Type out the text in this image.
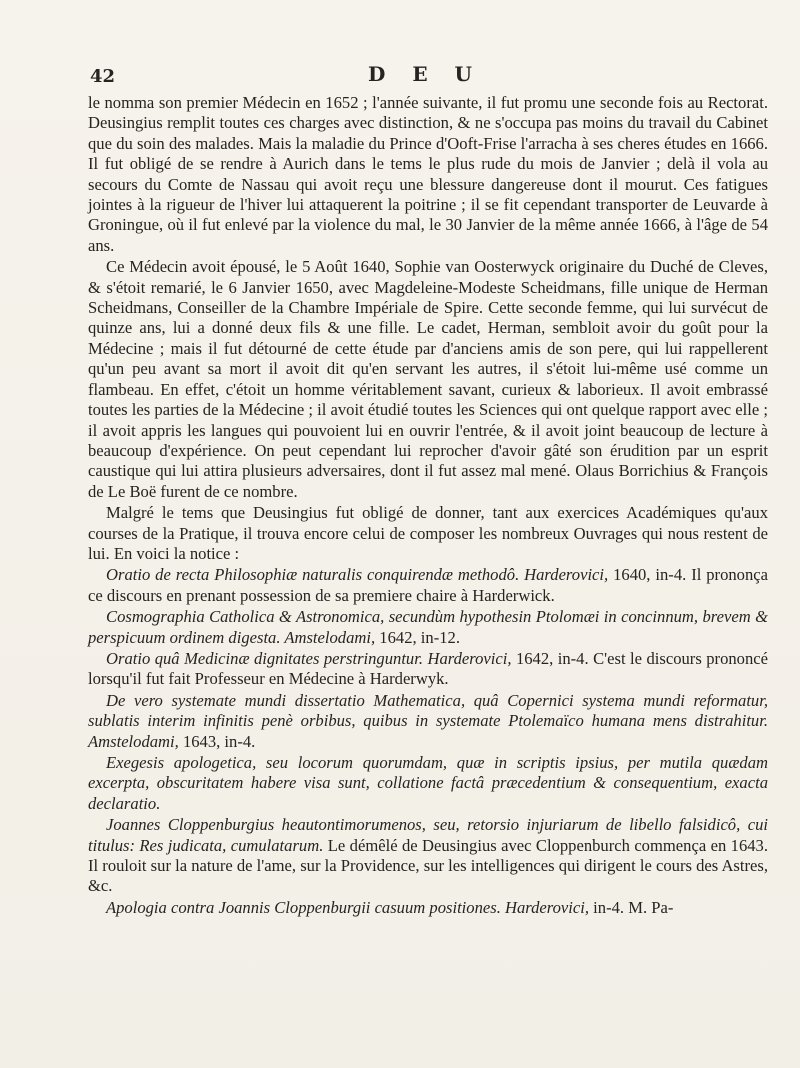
42	D E U

le nomma son premier Médecin en 1652 ; l'année suivante, il fut promu une seconde fois au Rectorat. Deusingius remplit toutes ces charges avec distinction, & ne s'occupa pas moins du travail du Cabinet que du soin des malades. Mais la maladie du Prince d'Ooft-Frise l'arracha à ses cheres études en 1666. Il fut obligé de se rendre à Aurich dans le tems le plus rude du mois de Janvier ; delà il vola au secours du Comte de Nassau qui avoit reçu une blessure dangereuse dont il mourut. Ces fatigues jointes à la rigueur de l'hiver lui attaquerent la poitrine ; il se fit cependant transporter de Leuvarde à Groningue, où il fut enlevé par la violence du mal, le 30 Janvier de la même année 1666, à l'âge de 54 ans.

Ce Médecin avoit épousé, le 5 Août 1640, Sophie van Oosterwyck originaire du Duché de Cleves, & s'étoit remarié, le 6 Janvier 1650, avec Magdeleine-Modeste Scheidmans, fille unique de Herman Scheidmans, Conseiller de la Chambre Impériale de Spire. Cette seconde femme, qui lui survécut de quinze ans, lui a donné deux fils & une fille. Le cadet, Herman, sembloit avoir du goût pour la Médecine ; mais il fut détourné de cette étude par d'anciens amis de son pere, qui lui rappellerent qu'un peu avant sa mort il avoit dit qu'en servant les autres, il s'étoit lui-même usé comme un flambeau. En effet, c'étoit un homme véritablement savant, curieux & laborieux. Il avoit embrassé toutes les parties de la Médecine ; il avoit étudié toutes les Sciences qui ont quelque rapport avec elle ; il avoit appris les langues qui pouvoient lui en ouvrir l'entrée, & il avoit joint beaucoup de lecture à beaucoup d'expérience. On peut cependant lui reprocher d'avoir gâté son érudition par un esprit caustique qui lui attira plusieurs adversaires, dont il fut assez mal mené. Olaus Borrichius & François de Le Boë furent de ce nombre.

Malgré le tems que Deusingius fut obligé de donner, tant aux exercices Académiques qu'aux courses de la Pratique, il trouva encore celui de composer les nombreux Ouvrages qui nous restent de lui. En voici la notice :

Oratio de recta Philosophiæ naturalis conquirendæ methodô. Harderovici, 1640, in-4. Il prononça ce discours en prenant possession de sa premiere chaire à Harderwick.

Cosmographia Catholica & Astronomica, secundùm hypothesin Ptolomæi in concinnum, brevem & perspicuum ordinem digesta. Amstelodami, 1642, in-12.

Oratio quâ Medicinæ dignitates perstringuntur. Harderovici, 1642, in-4. C'est le discours prononcé lorsqu'il fut fait Professeur en Médecine à Harderwyk.

De vero systemate mundi dissertatio Mathematica, quâ Copernici systema mundi reformatur, sublatis interim infinitis penè orbibus, quibus in systemate Ptolemaïco humana mens distrahitur. Amstelodami, 1643, in-4.

Exegesis apologetica, seu locorum quorumdam, quæ in scriptis ipsius, per mutila quædam excerpta, obscuritatem habere visa sunt, collatione factâ præcedentium & consequentium, exacta declaratio.

Joannes Cloppenburgius heautontimorumenos, seu, retorsio injuriarum de libello falsidicô, cui titulus: Res judicata, cumulatarum. Le démêlé de Deusingius avec Cloppenburch commença en 1643. Il rouloit sur la nature de l'ame, sur la Providence, sur les intelligences qui dirigent le cours des Astres, &c.

Apologia contra Joannis Cloppenburgii casuum positiones. Harderovici, in-4. M. Pa-
